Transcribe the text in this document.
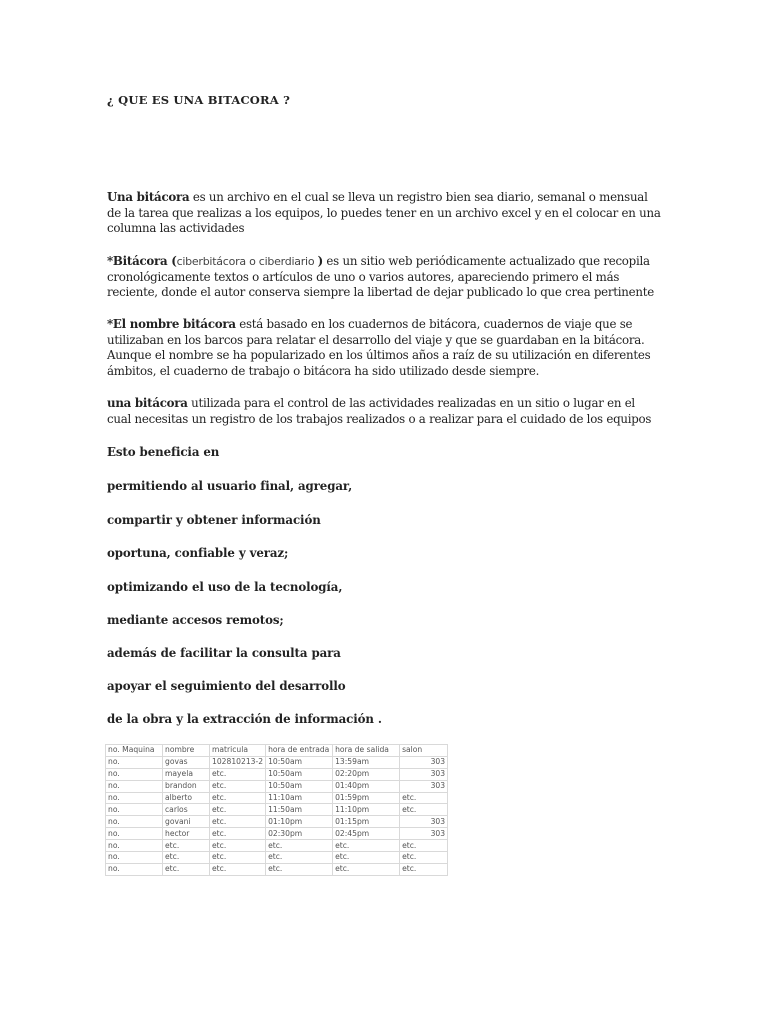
¿ QUE ES UNA BITACORA ?
Una bitácora es un archivo en el cual se lleva un registro bien sea diario, semanal o mensual de la tarea que realizas a los equipos, lo puedes tener en un archivo excel y en el colocar en una columna las actividades
*Bitácora (ciberbitácora o ciberdiario ) es un sitio web periódicamente actualizado que recopila cronológicamente textos o artículos de uno o varios autores, apareciendo primero el más reciente, donde el autor conserva siempre la libertad de dejar publicado lo que crea pertinente
*El nombre bitácora está basado en los cuadernos de bitácora, cuadernos de viaje que se utilizaban en los barcos para relatar el desarrollo del viaje y que se guardaban en la bitácora. Aunque el nombre se ha popularizado en los últimos años a raíz de su utilización en diferentes ámbitos, el cuaderno de trabajo o bitácora ha sido utilizado desde siempre.
una bitácora utilizada para el control de las actividades realizadas en un sitio o lugar en el cual necesitas un registro de los trabajos realizados o a realizar para el cuidado de los equipos
Esto beneficia en
permitiendo al usuario final, agregar,
compartir y obtener información
oportuna, confiable y veraz;
optimizando el uso de la tecnología,
mediante accesos remotos;
además de facilitar la consulta para
apoyar el seguimiento del desarrollo
de la obra y la extracción de información .
no. Maquina	nombre	matricula	hora de entrada	hora de salida	salon
no.	govas	102810213-2	10:50am	13:59am	303
no.	mayela	etc.	10:50am	02:20pm	303
no.	brandon	etc.	10:50am	01:40pm	303
no.	alberto	etc.	11:10am	01:59pm	etc.
no.	carlos	etc.	11:50am	11:10pm	etc.
no.	govani	etc.	01:10pm	01:15pm	303
no.	hector	etc.	02:30pm	02:45pm	303
no.	etc.	etc.	etc.	etc.	etc.
no.	etc.	etc.	etc.	etc.	etc.
no.	etc.	etc.	etc.	etc.	etc.
